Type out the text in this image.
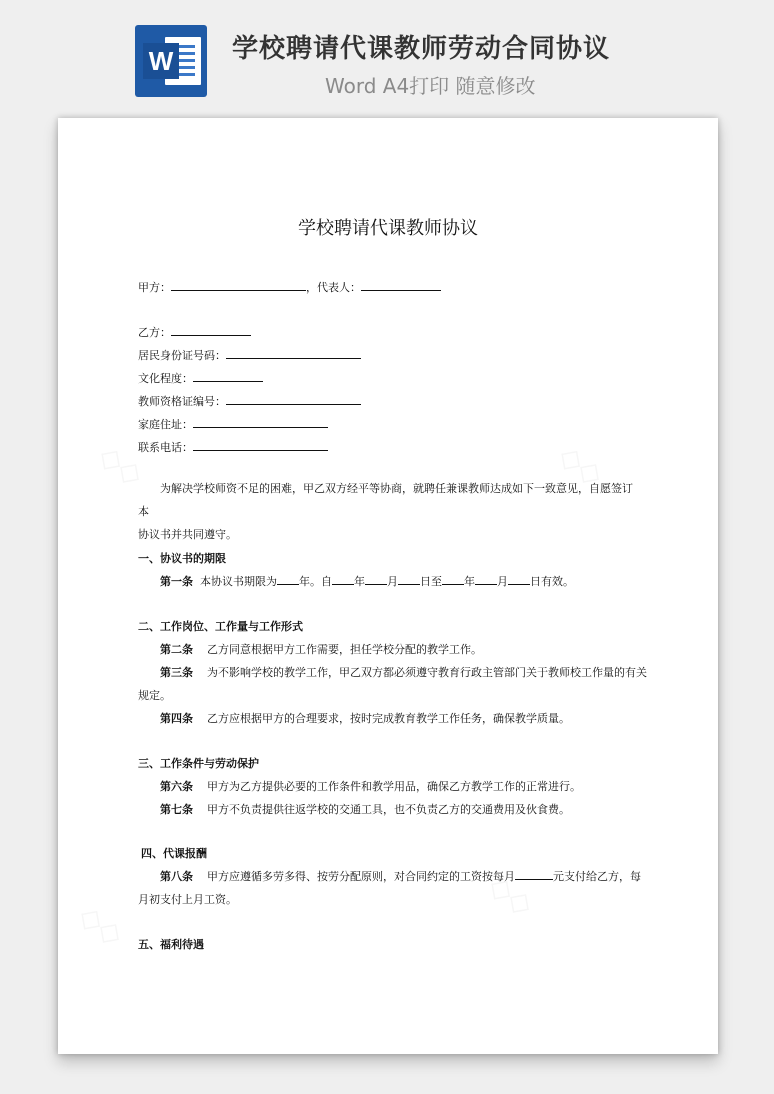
W 学校聘请代课教师劳动合同协议
Word A4打印 随意修改
学校聘请代课教师协议
甲方：	，代表人：
乙方：
居民身份证号码：
文化程度：
教师资格证编号：
家庭住址：
联系电话：
为解决学校师资不足的困难，甲乙双方经平等协商，就聘任兼课教师达成如下一致意见，自愿签订本
协议书并共同遵守。
一、协议书的期限
第一条 本协议书期限为 年。自 年 月 日至 年 月 日有效。
二、工作岗位、工作量与工作形式
第二条 乙方同意根据甲方工作需要，担任学校分配的教学工作。
第三条 为不影响学校的教学工作，甲乙双方都必须遵守教育行政主管部门关于教师校工作量的有关
规定。
第四条 乙方应根据甲方的合理要求，按时完成教育教学工作任务，确保教学质量。
三、工作条件与劳动保护
第六条 甲方为乙方提供必要的工作条件和教学用品，确保乙方教学工作的正常进行。
第七条 甲方不负责提供往返学校的交通工具，也不负责乙方的交通费用及伙食费。
四、代课报酬
第八条 甲方应遵循多劳多得、按劳分配原则，对合同约定的工资按每月	元支付给乙方，每
月初支付上月工资。
五、福利待遇
